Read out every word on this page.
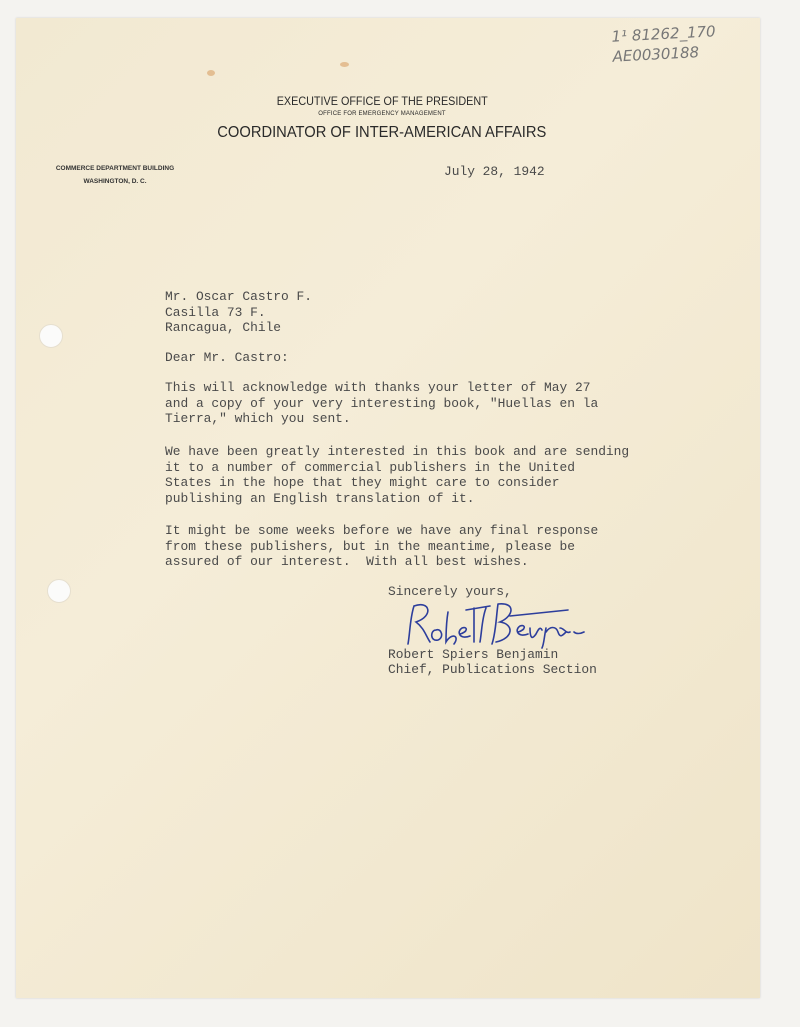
1¹ 81262_170
AE0030188
EXECUTIVE OFFICE OF THE PRESIDENT
OFFICE FOR EMERGENCY MANAGEMENT
COORDINATOR OF INTER-AMERICAN AFFAIRS
COMMERCE DEPARTMENT BUILDING
WASHINGTON, D. C.
July 28, 1942
Mr. Oscar Castro F.
Casilla 73 F.
Rancagua, Chile
Dear Mr. Castro:
This will acknowledge with thanks your letter of May 27
and a copy of your very interesting book, "Huellas en la
Tierra," which you sent.
We have been greatly interested in this book and are sending
it to a number of commercial publishers in the United
States in the hope that they might care to consider
publishing an English translation of it.
It might be some weeks before we have any final response
from these publishers, but in the meantime, please be
assured of our interest.  With all best wishes.
Sincerely yours,
Robert Spiers Benjamin
Chief, Publications Section
